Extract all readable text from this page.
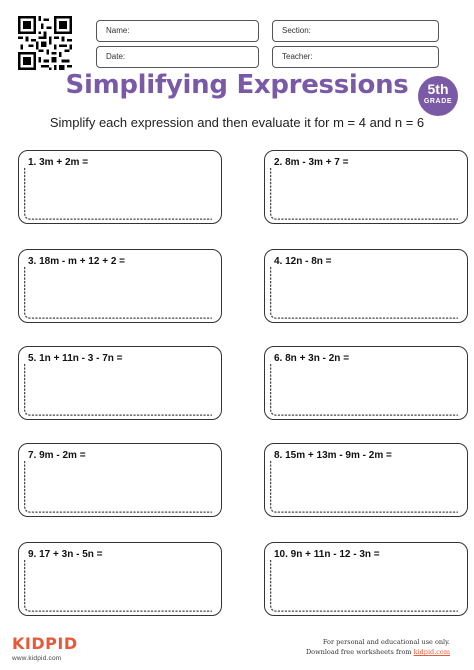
Name:	Section:
Date:	Teacher:
Simplifying Expressions	5th
GRADE
Simplify each expression and then evaluate it for m = 4 and n = 6
1. 3m + 2m =	2. 8m - 3m + 7 =
3. 18m - m + 12 + 2 =	4. 12n - 8n =
5. 1n + 11n - 3 - 7n =	6. 8n + 3n - 2n =
7. 9m - 2m =	8. 15m + 13m - 9m - 2m =
9. 17 + 3n - 5n =	10. 9n + 11n - 12 - 3n =
KIDPID
www.kidpid.com
For personal and educational use only.
Download free worksheets from kidpid.com
